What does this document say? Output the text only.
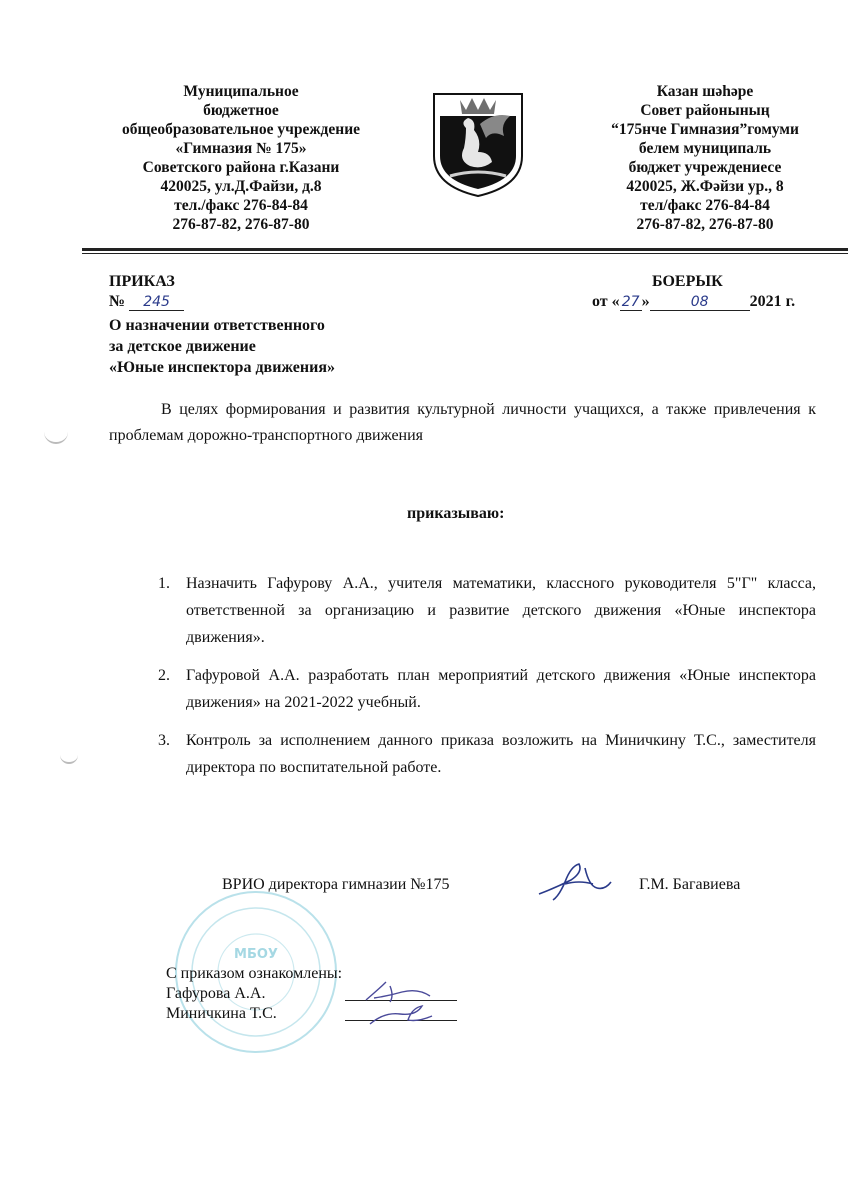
Муниципальное
бюджетное
общеобразовательное учреждение
«Гимназия № 175»
Советского района г.Казани
420025, ул.Д.Файзи, д.8
тел./факс 276-84-84
276-87-82, 276-87-80
Казан шәһәре
Совет районының
“175нче Гимназия”гомуми
белем муниципаль
бюджет учреждениесе
420025, Ж.Фәйзи ур., 8
тел/факс 276-84-84
276-87-82, 276-87-80
ПРИКАЗ
№ 245
БОЕРЫК
от « 27 »	08	2021 г.
О назначении ответственного
за детское движение
«Юные инспектора движения»
В целях формирования и развития культурной личности учащихся, а также привлечения к проблемам дорожно-транспортного движения
приказываю:
1. Назначить Гафурову А.А., учителя математики, классного руководителя 5"Г" класса, ответственной за организацию и развитие детского движения «Юные инспектора движения».
2. Гафуровой А.А. разработать план мероприятий детского движения «Юные инспектора движения» на 2021-2022 учебный.
3. Контроль за исполнением данного приказа возложить на Миничкину Т.С., заместителя директора по воспитательной работе.
МБОУ
ВРИО директора гимназии №175	Г.М. Багавиева
С приказом ознакомлены:
Гафурова А.А.
Миничкина Т.С.
